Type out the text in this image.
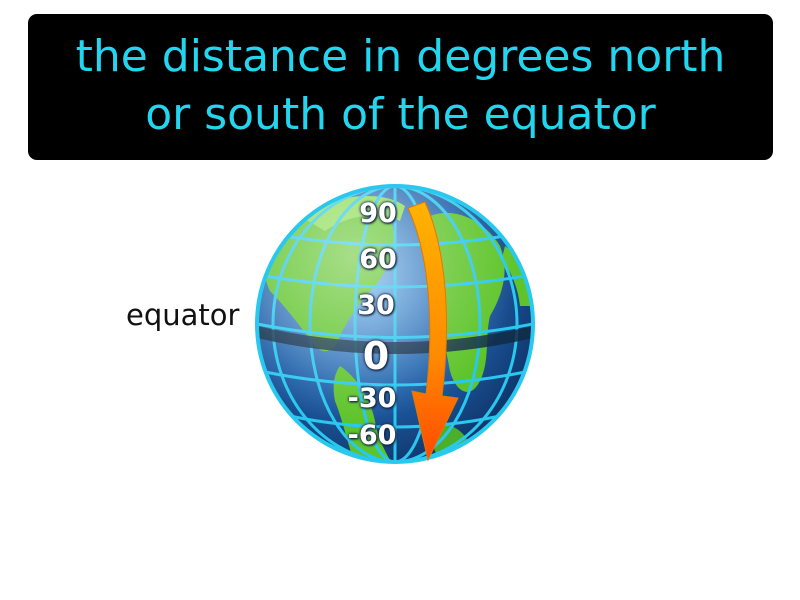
the distance in degrees north
or south of the equator
equator
90
60
30
0
-30
-60
